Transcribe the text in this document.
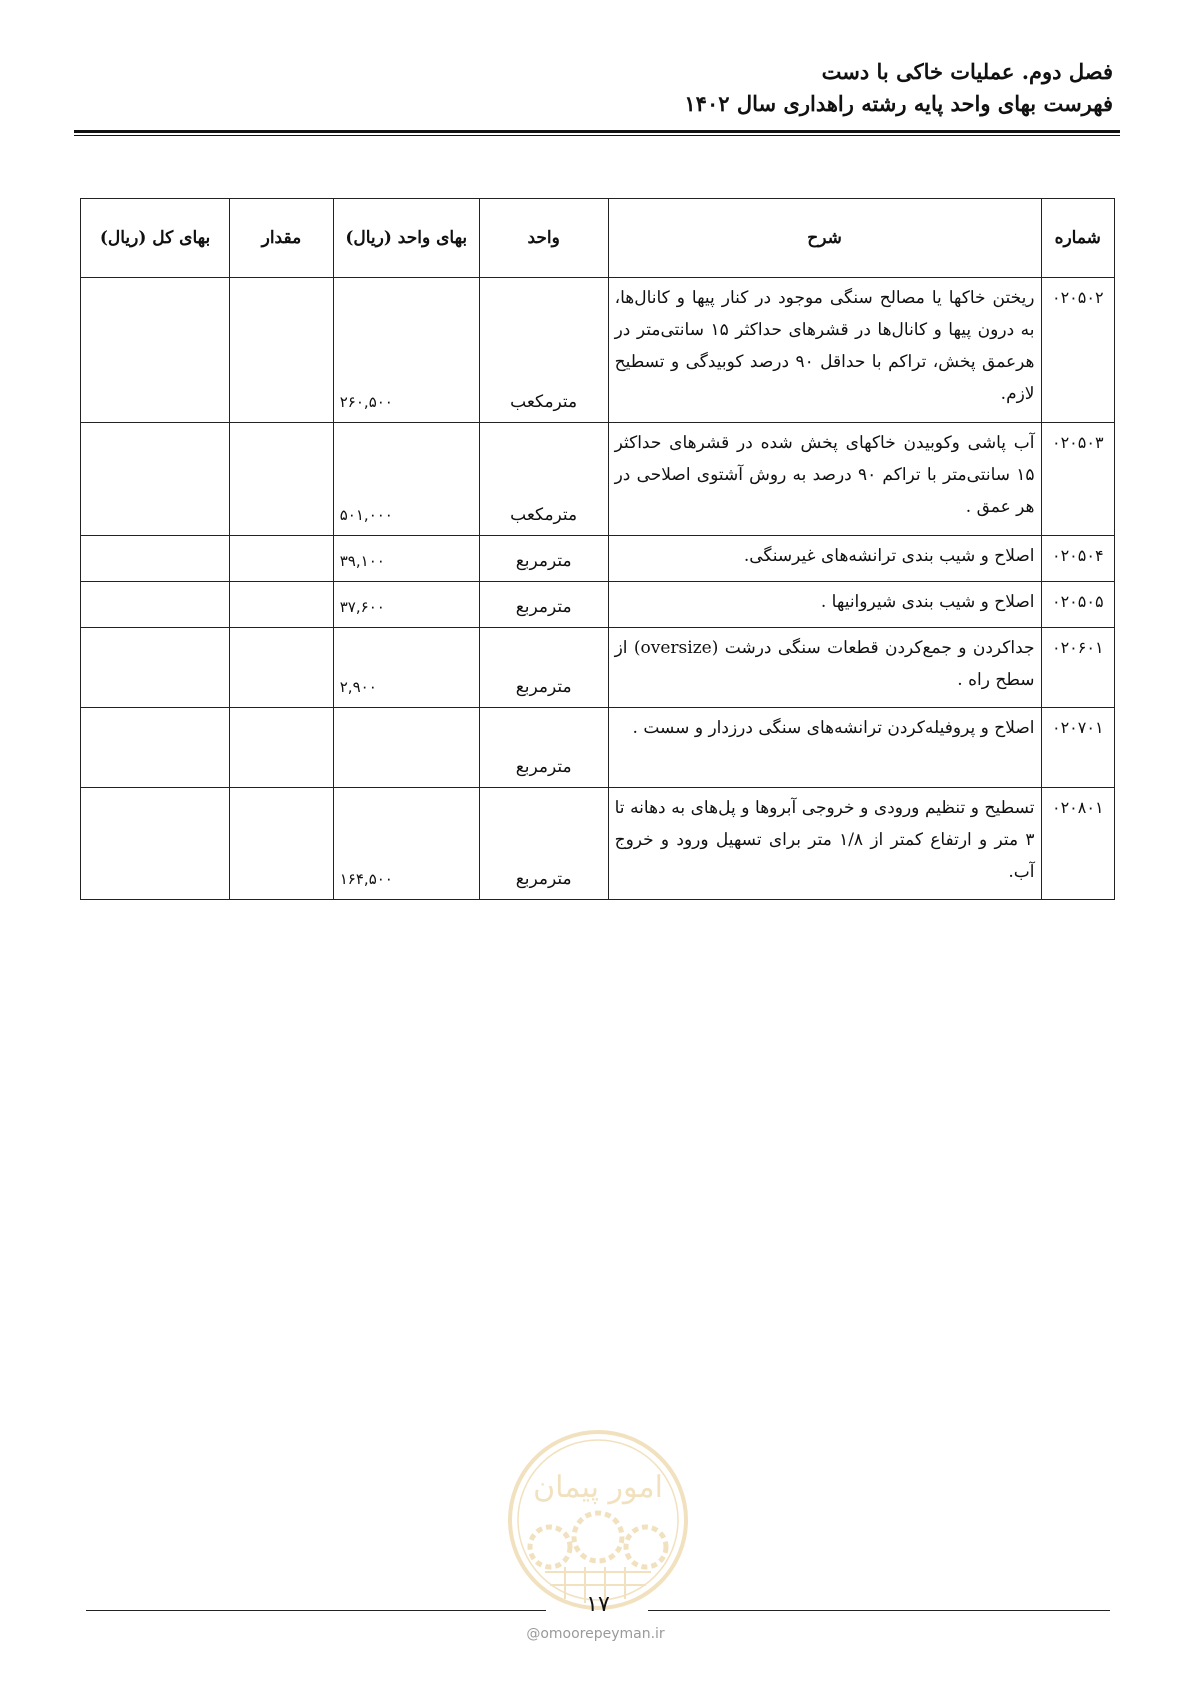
فصل دوم. عملیات خاکی با دست
فهرست بهای واحد پایه رشته راهداری سال ۱۴۰۲
شماره	شرح	واحد	بهای واحد (ریال)	مقدار	بهای کل (ریال)
۰۲۰۵۰۲	ریختن خاکها یا مصالح سنگی موجود در کنار پیها و کانال‌ها، به درون پیها و کانال‌ها در قشرهای حداکثر ۱۵ سانتی‌متر در هرعمق پخش، تراکم با حداقل ۹۰ درصد کوبیدگی و تسطیح لازم.	مترمکعب	۲۶۰,۵۰۰		
۰۲۰۵۰۳	آب پاشی وکوبیدن خاکهای پخش شده در قشرهای حداکثر ۱۵ سانتی‌متر با تراکم ۹۰ درصد به روش آشتوی اصلاحی در هر عمق .	مترمکعب	۵۰۱,۰۰۰		
۰۲۰۵۰۴	اصلاح و شیب بندی ترانشه‌های غیرسنگی.	مترمربع	۳۹,۱۰۰		
۰۲۰۵۰۵	اصلاح و شیب بندی شیروانیها .	مترمربع	۳۷,۶۰۰		
۰۲۰۶۰۱	جداکردن و جمع‌کردن قطعات سنگی درشت (oversize) از سطح راه .	مترمربع	۲,۹۰۰		
۰۲۰۷۰۱	اصلاح و پروفیله‌کردن ترانشه‌های سنگی درزدار و سست .	مترمربع			
۰۲۰۸۰۱	تسطیح و تنظیم ورودی و خروجی آبروها و پل‌های به دهانه تا ۳ متر و ارتفاع کمتر از ۱/۸ متر برای تسهیل ورود و خروج آب.	مترمربع	۱۶۴,۵۰۰		
امور پیمان
۱۷
@omoorepeyman.ir
